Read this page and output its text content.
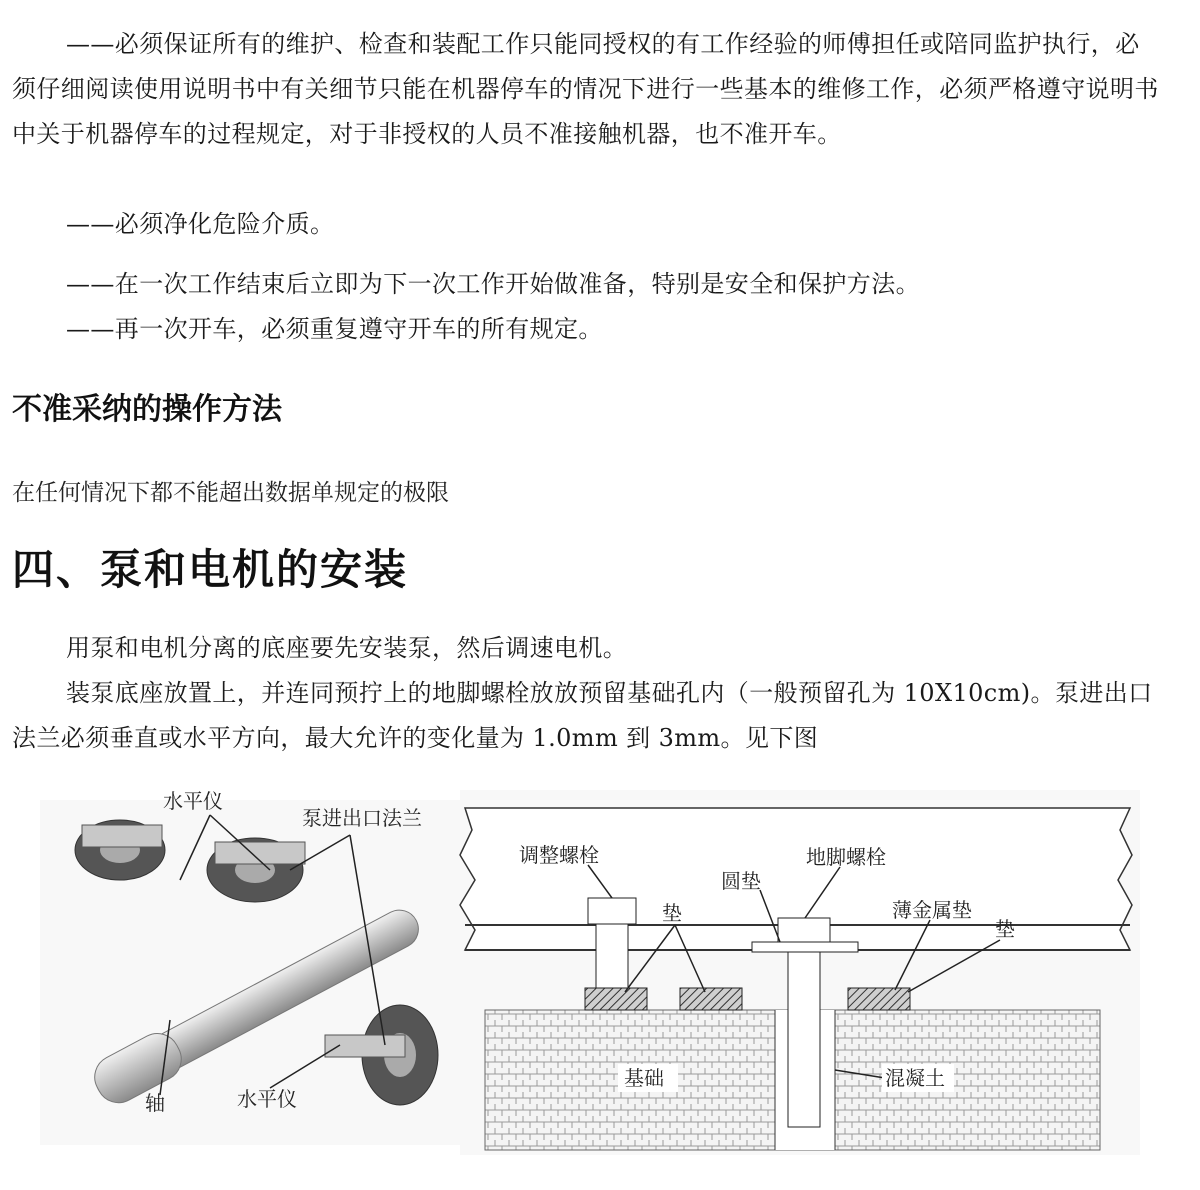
——必须保证所有的维护、检查和装配工作只能同授权的有工作经验的师傅担任或陪同监护执行，必须仔细阅读使用说明书中有关细节只能在机器停车的情况下进行一些基本的维修工作，必须严格遵守说明书中关于机器停车的过程规定，对于非授权的人员不准接触机器，也不准开车。

——必须净化危险介质。

——在一次工作结束后立即为下一次工作开始做准备，特别是安全和保护方法。

——再一次开车，必须重复遵守开车的所有规定。

不准采纳的操作方法

在任何情况下都不能超出数据单规定的极限

四、泵和电机的安装

用泵和电机分离的底座要先安装泵，然后调速电机。

装泵底座放置上，并连同预拧上的地脚螺栓放放预留基础孔内（一般预留孔为 10X10cm)。泵进出口法兰必须垂直或水平方向，最大允许的变化量为 1.0mm 到 3mm。见下图

水平仪
泵进出口法兰
轴	水平仪
调整螺栓	地脚螺栓
圆垫
垫	薄金属垫
垫
基础	混凝土
